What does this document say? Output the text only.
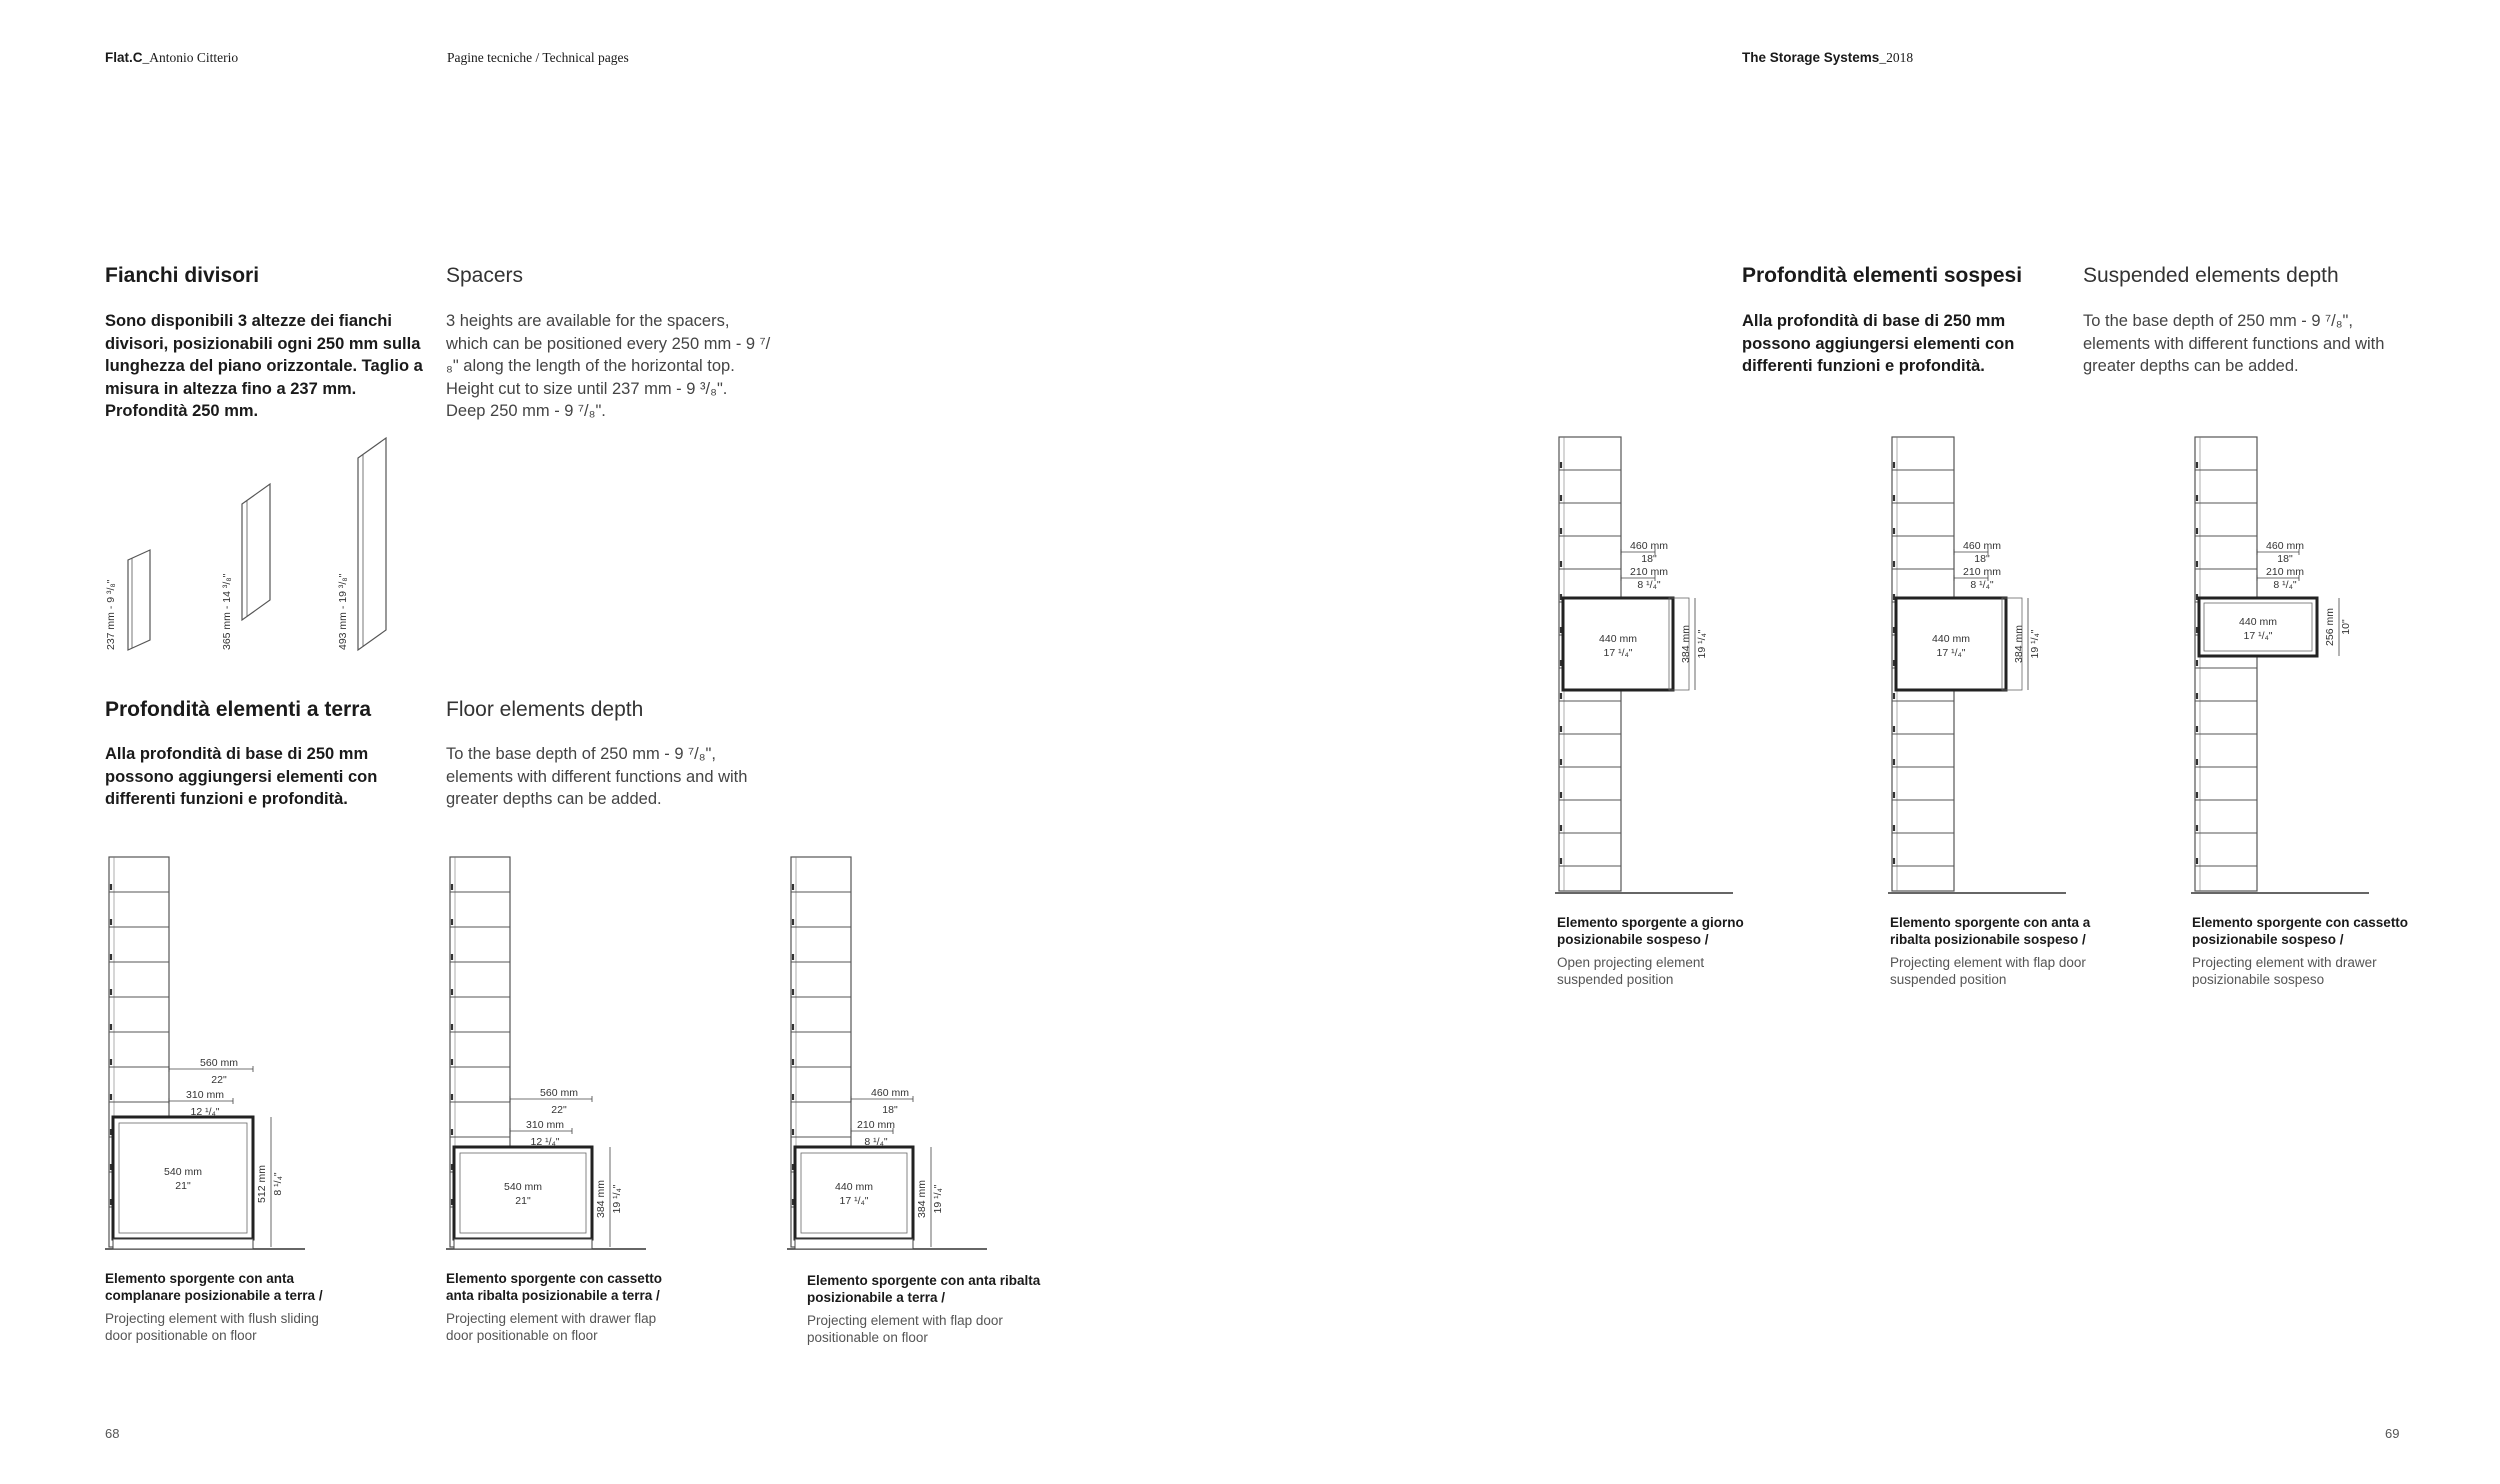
Flat.C_Antonio Citterio	Pagine tecniche / Technical pages	The Storage Systems_2018
Fianchi divisori	Spacers
Sono disponibili 3 altezze dei fianchi divisori, posizionabili ogni 250 mm sulla lunghezza del piano orizzontale. Taglio a misura in altezza fino a 237 mm. Profondità 250 mm.
3 heights are available for the spacers, which can be positioned every 250 mm - 9 ⁷/₈" along the length of the horizontal top.
Height cut to size until 237 mm - 9 ³/₈".
Deep 250 mm - 9 ⁷/₈".
237 mm - 9 ³/₈"	365 mm - 14 ³/₈"	493 mm - 19 ³/₈"
Profondità elementi a terra	Floor elements depth
Alla profondità di base di 250 mm possono aggiungersi elementi con differenti funzioni e profondità.
To the base depth of 250 mm - 9 ⁷/₈", elements with different functions and with greater depths can be added.
560 mm
22"
310 mm
12 ¹/₄"
540 mm
21"	512 mm 8 ¹/₄"
560 mm
22"
310 mm
12 ¹/₄"
540 mm
21"	384 mm 19 ¹/₄"
460 mm
18"
210 mm
8 ¹/₄"
440 mm
17 ¹/₄"	384 mm 19 ¹/₄"
Elemento sporgente con anta complanare posizionabile a terra /
Projecting element with flush sliding door positionable on floor
Elemento sporgente con cassetto anta ribalta posizionabile a terra /
Projecting element with drawer flap door positionable on floor
Elemento sporgente con anta ribalta posizionabile a terra /
Projecting element with flap door positionable on floor
Profondità elementi sospesi	Suspended elements depth
Alla profondità di base di 250 mm possono aggiungersi elementi con differenti funzioni e profondità.
To the base depth of 250 mm - 9 ⁷/₈", elements with different functions and with greater depths can be added.
460 mm
18"
210 mm
8 ¹/₄"
440 mm
17 ¹/₄"	384 mm 19 ¹/₄"
460 mm
18"
210 mm
8 ¹/₄"
440 mm
17 ¹/₄"	384 mm 19 ¹/₄"
460 mm
18"
210 mm
8 ¹/₄"
440 mm
17 ¹/₄"	256 mm 10"
Elemento sporgente a giorno posizionabile sospeso /
Open projecting element suspended position
Elemento sporgente con anta a ribalta posizionabile sospeso /
Projecting element with flap door suspended position
Elemento sporgente con cassetto posizionabile sospeso /
Projecting element with drawer posizionabile sospeso
68	69
